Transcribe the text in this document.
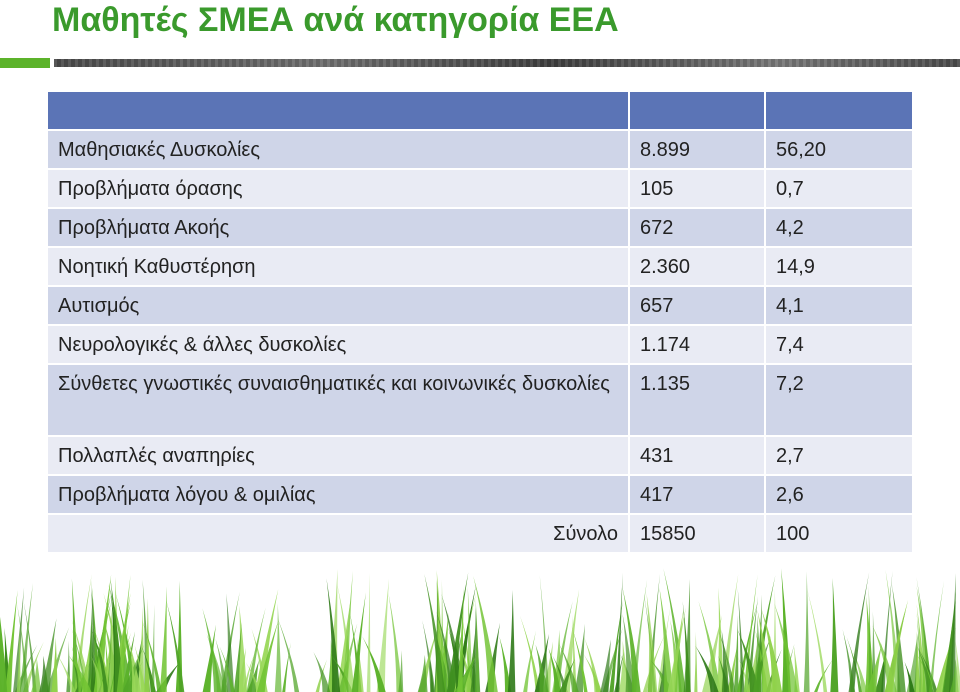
Μαθητές ΣΜΕΑ ανά κατηγορία ΕΕΑ

Μαθησιακές Δυσκολίες	8.899	56,20
Προβλήματα όρασης	105	0,7
Προβλήματα Ακοής	672	4,2
Νοητική Καθυστέρηση	2.360	14,9
Αυτισμός	657	4,1
Νευρολογικές & άλλες δυσκολίες	1.174	7,4
Σύνθετες γνωστικές συναισθηματικές και κοινωνικές δυσκολίες	1.135	7,2
Πολλαπλές αναπηρίες	431	2,7
Προβλήματα λόγου & ομιλίας	417	2,6
Σύνολο	15850	100
